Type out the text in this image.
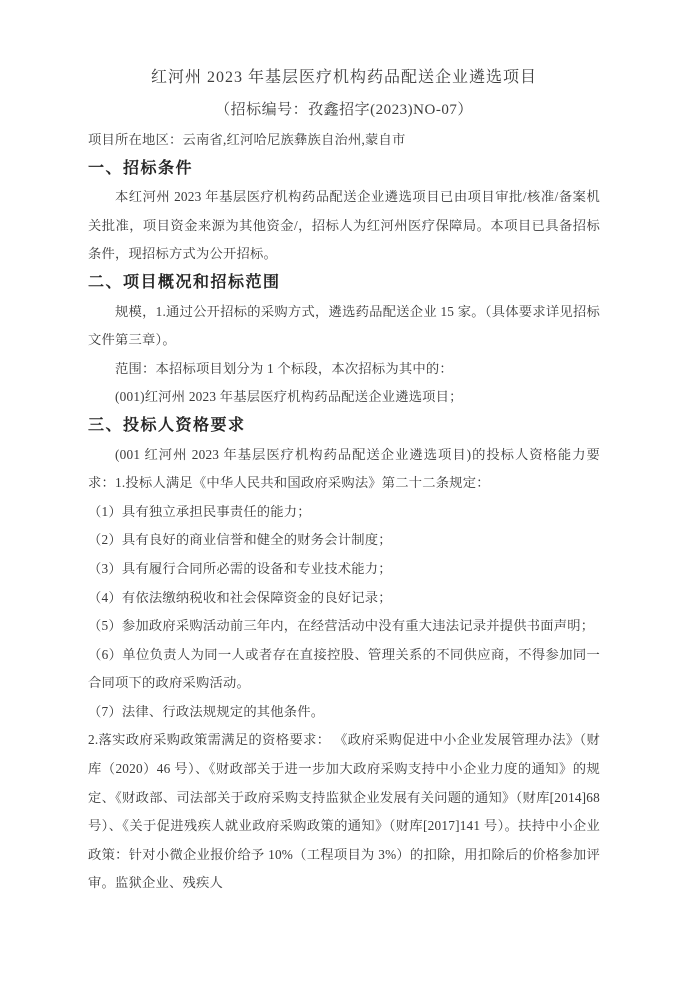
红河州 2023 年基层医疗机构药品配送企业遴选项目
（招标编号：孜鑫招字(2023)NO-07）

项目所在地区：云南省,红河哈尼族彝族自治州,蒙自市

一、招标条件

本红河州 2023 年基层医疗机构药品配送企业遴选项目已由项目审批/核准/备案机关批准，项目资金来源为其他资金/，招标人为红河州医疗保障局。本项目已具备招标条件，现招标方式为公开招标。

二、项目概况和招标范围

规模，1.通过公开招标的采购方式，遴选药品配送企业 15 家。（具体要求详见招标文件第三章）。

范围：本招标项目划分为 1 个标段，本次招标为其中的：

(001)红河州 2023 年基层医疗机构药品配送企业遴选项目；

三、投标人资格要求

(001 红河州 2023 年基层医疗机构药品配送企业遴选项目)的投标人资格能力要求：1.投标人满足《中华人民共和国政府采购法》第二十二条规定：

（1）具有独立承担民事责任的能力；

（2）具有良好的商业信誉和健全的财务会计制度；

（3）具有履行合同所必需的设备和专业技术能力；

（4）有依法缴纳税收和社会保障资金的良好记录；

（5）参加政府采购活动前三年内，在经营活动中没有重大违法记录并提供书面声明；

（6）单位负责人为同一人或者存在直接控股、管理关系的不同供应商，不得参加同一合同项下的政府采购活动。

（7）法律、行政法规规定的其他条件。

2.落实政府采购政策需满足的资格要求： 《政府采购促进中小企业发展管理办法》（财库（2020）46 号）、《财政部关于进一步加大政府采购支持中小企业力度的通知》的规定、《财政部、司法部关于政府采购支持监狱企业发展有关问题的通知》（财库[2014]68 号）、《关于促进残疾人就业政府采购政策的通知》（财库[2017]141 号）。扶持中小企业政策：针对小微企业报价给予 10%（工程项目为 3%）的扣除，用扣除后的价格参加评审。监狱企业、残疾人
